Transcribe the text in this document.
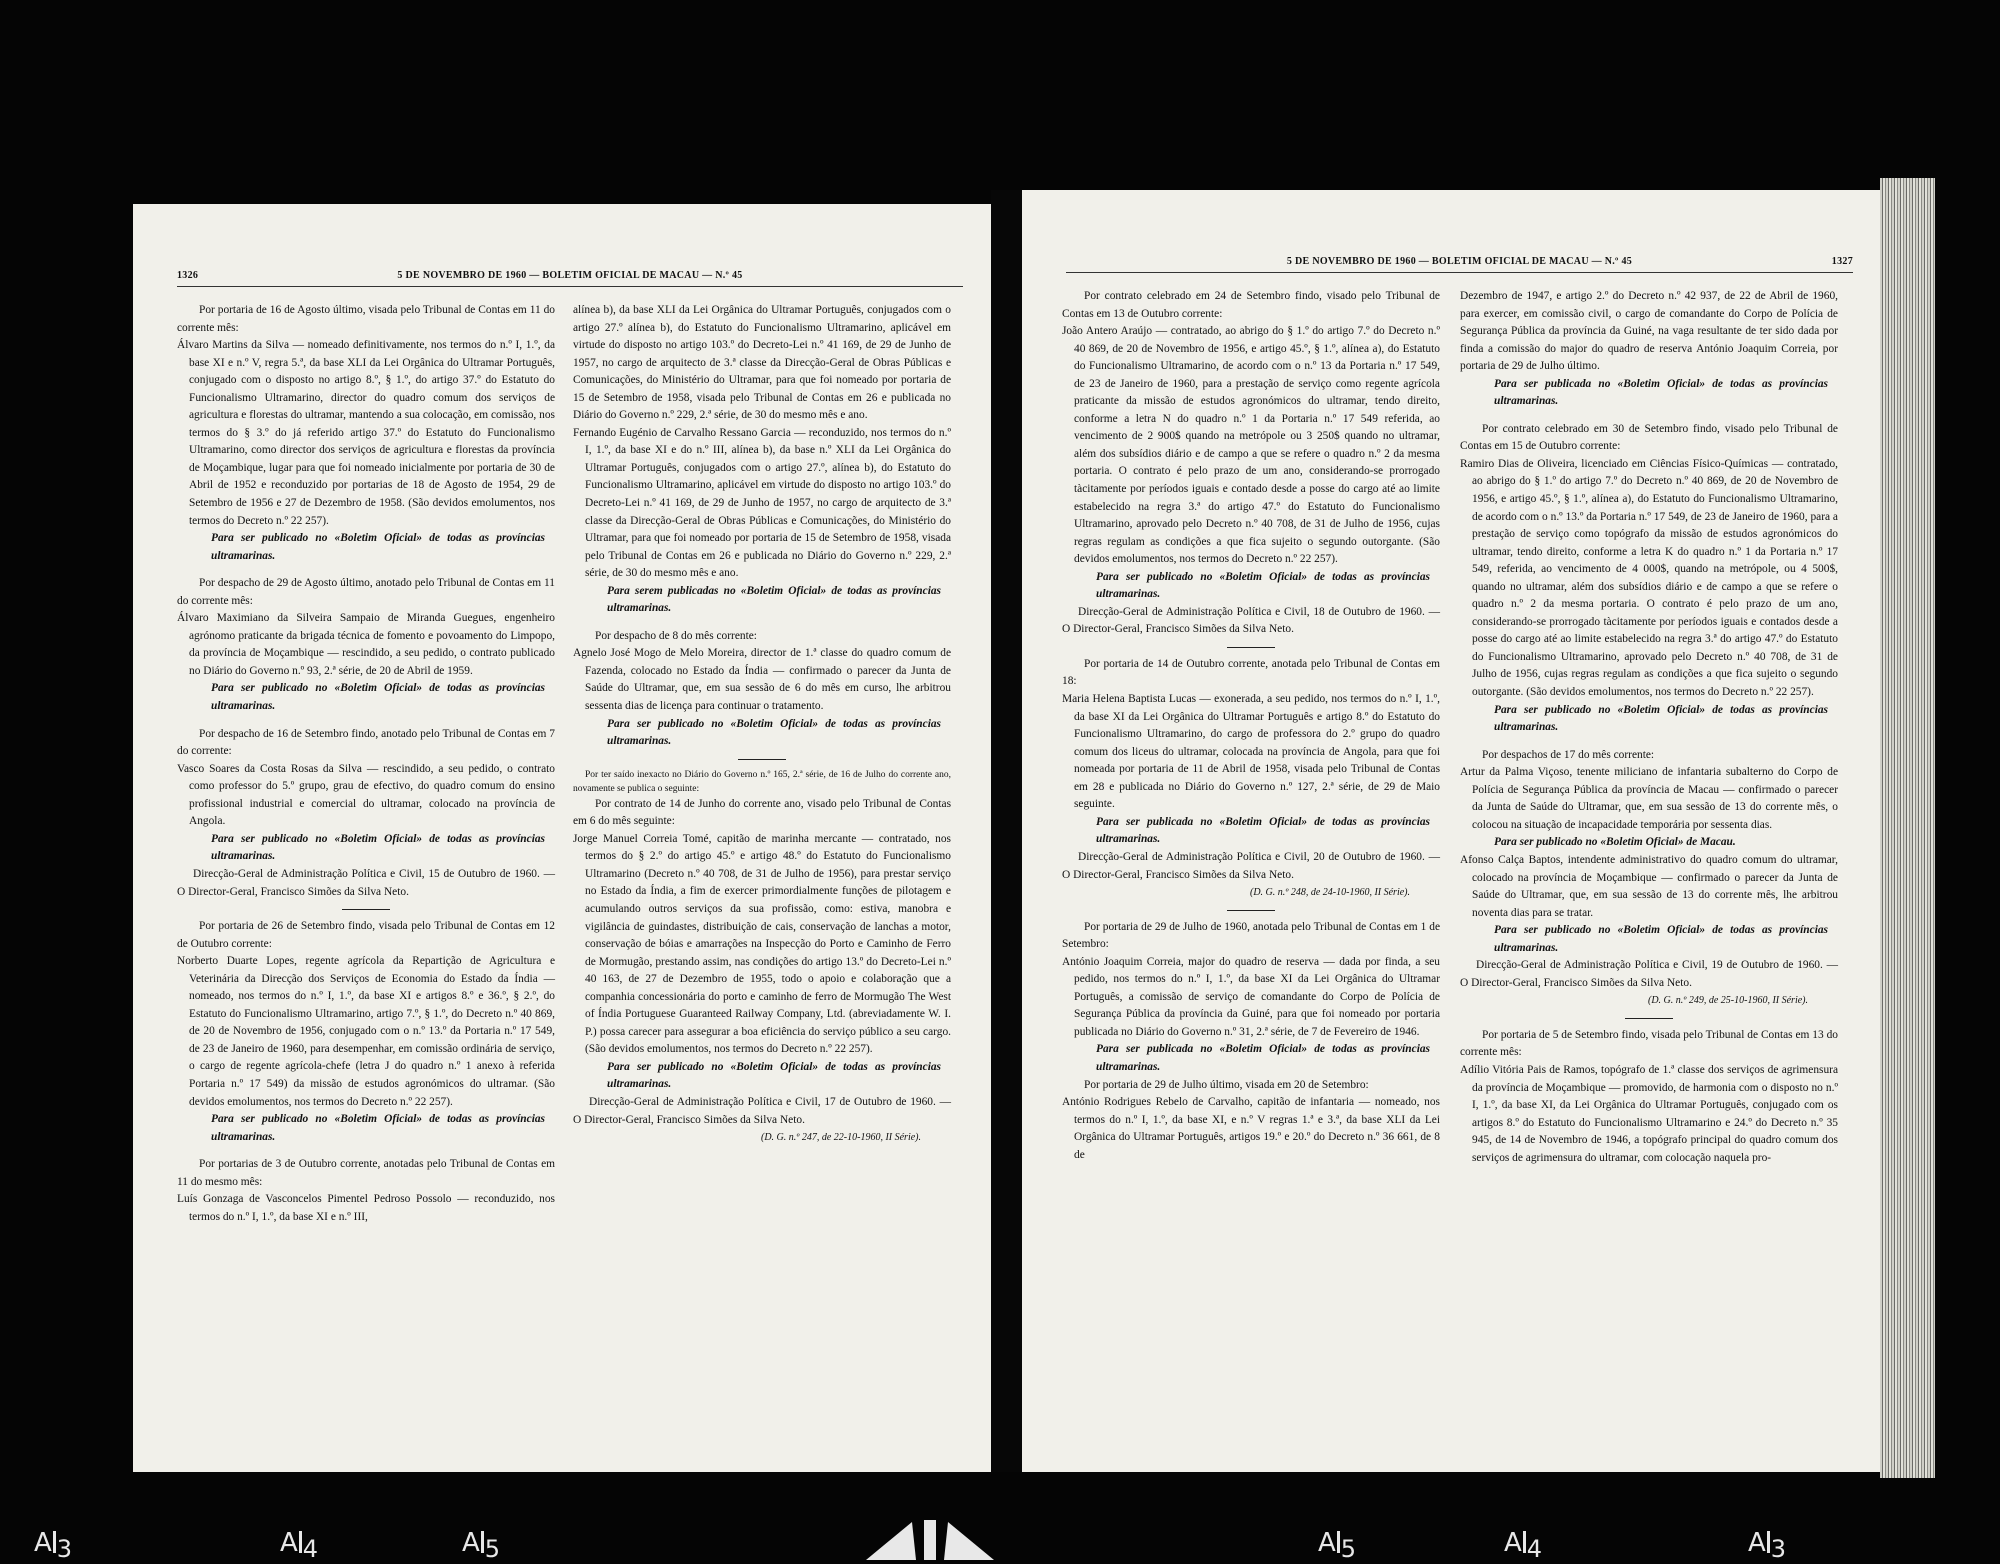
5 DE NOVEMBRO DE 1960 — BOLETIM OFICIAL DE MACAU — N.º 45
1326

Por portaria de 16 de Agosto último, visada pelo Tribunal de Contas em 11 do corrente mês:

Álvaro Martins da Silva — nomeado definitivamente, nos termos do n.º I, 1.º, da base XI e n.º V, regra 5.ª, da base XLI da Lei Orgânica do Ultramar Português, conjugado com o disposto no artigo 8.º, § 1.º, do artigo 37.º do Estatuto do Funcionalismo Ultramarino, director do quadro comum dos serviços de agricultura e florestas do ultramar, mantendo a sua colocação, em comissão, nos termos do § 3.º do já referido artigo 37.º do Estatuto do Funcionalismo Ultramarino, como director dos serviços de agricultura e florestas da província de Moçambique, lugar para que foi nomeado inicialmente por portaria de 30 de Abril de 1952 e reconduzido por portarias de 18 de Agosto de 1954, 29 de Setembro de 1956 e 27 de Dezembro de 1958. (São devidos emolumentos, nos termos do Decreto n.º 22 257).

Para ser publicado no «Boletim Oficial» de todas as províncias ultramarinas.

Por despacho de 29 de Agosto último, anotado pelo Tribunal de Contas em 11 do corrente mês:

Álvaro Maximiano da Silveira Sampaio de Miranda Guegues, engenheiro agrónomo praticante da brigada técnica de fomento e povoamento do Limpopo, da província de Moçambique — rescindido, a seu pedido, o contrato publicado no Diário do Governo n.º 93, 2.ª série, de 20 de Abril de 1959.

Para ser publicado no «Boletim Oficial» de todas as províncias ultramarinas.

Por despacho de 16 de Setembro findo, anotado pelo Tribunal de Contas em 7 do corrente:

Vasco Soares da Costa Rosas da Silva — rescindido, a seu pedido, o contrato como professor do 5.º grupo, grau de efectivo, do quadro comum do ensino profissional industrial e comercial do ultramar, colocado na província de Angola.

Para ser publicado no «Boletim Oficial» de todas as províncias ultramarinas.

Direcção-Geral de Administração Política e Civil, 15 de Outubro de 1960. — O Director-Geral, Francisco Simões da Silva Neto.

Por portaria de 26 de Setembro findo, visada pelo Tribunal de Contas em 12 de Outubro corrente:

Norberto Duarte Lopes, regente agrícola da Repartição de Agricultura e Veterinária da Direcção dos Serviços de Economia do Estado da Índia — nomeado, nos termos do n.º I, 1.º, da base XI e artigos 8.º e 36.º, § 2.º, do Estatuto do Funcionalismo Ultramarino, artigo 7.º, § 1.º, do Decreto n.º 40 869, de 20 de Novembro de 1956, conjugado com o n.º 13.º da Portaria n.º 17 549, de 23 de Janeiro de 1960, para desempenhar, em comissão ordinária de serviço, o cargo de regente agrícola-chefe (letra J do quadro n.º 1 anexo à referida Portaria n.º 17 549) da missão de estudos agronómicos do ultramar. (São devidos emolumentos, nos termos do Decreto n.º 22 257).

Para ser publicado no «Boletim Oficial» de todas as províncias ultramarinas.

Por portarias de 3 de Outubro corrente, anotadas pelo Tribunal de Contas em 11 do mesmo mês:

Luís Gonzaga de Vasconcelos Pimentel Pedroso Possolo — reconduzido, nos termos do n.º I, 1.º, da base XI e n.º III,

alínea b), da base XLI da Lei Orgânica do Ultramar Português, conjugados com o artigo 27.º alínea b), do Estatuto do Funcionalismo Ultramarino, aplicável em virtude do disposto no artigo 103.º do Decreto-Lei n.º 41 169, de 29 de Junho de 1957, no cargo de arquitecto de 3.ª classe da Direcção-Geral de Obras Públicas e Comunicações, do Ministério do Ultramar, para que foi nomeado por portaria de 15 de Setembro de 1958, visada pelo Tribunal de Contas em 26 e publicada no Diário do Governo n.º 229, 2.ª série, de 30 do mesmo mês e ano.

Fernando Eugénio de Carvalho Ressano Garcia — reconduzido, nos termos do n.º I, 1.º, da base XI e do n.º III, alínea b), da base n.º XLI da Lei Orgânica do Ultramar Português, conjugados com o artigo 27.º, alínea b), do Estatuto do Funcionalismo Ultramarino, aplicável em virtude do disposto no artigo 103.º do Decreto-Lei n.º 41 169, de 29 de Junho de 1957, no cargo de arquitecto de 3.ª classe da Direcção-Geral de Obras Públicas e Comunicações, do Ministério do Ultramar, para que foi nomeado por portaria de 15 de Setembro de 1958, visada pelo Tribunal de Contas em 26 e publicada no Diário do Governo n.º 229, 2.ª série, de 30 do mesmo mês e ano.

Para serem publicadas no «Boletim Oficial» de todas as províncias ultramarinas.

Por despacho de 8 do mês corrente:

Agnelo José Mogo de Melo Moreira, director de 1.ª classe do quadro comum de Fazenda, colocado no Estado da Índia — confirmado o parecer da Junta de Saúde do Ultramar, que, em sua sessão de 6 do mês em curso, lhe arbitrou sessenta dias de licença para continuar o tratamento.

Para ser publicado no «Boletim Oficial» de todas as províncias ultramarinas.

Por ter saído inexacto no Diário do Governo n.º 165, 2.ª série, de 16 de Julho do corrente ano, novamente se publica o seguinte:

Por contrato de 14 de Junho do corrente ano, visado pelo Tribunal de Contas em 6 do mês seguinte:

Jorge Manuel Correia Tomé, capitão de marinha mercante — contratado, nos termos do § 2.º do artigo 45.º e artigo 48.º do Estatuto do Funcionalismo Ultramarino (Decreto n.º 40 708, de 31 de Julho de 1956), para prestar serviço no Estado da Índia, a fim de exercer primordialmente funções de pilotagem e acumulando outros serviços da sua profissão, como: estiva, manobra e vigilância de guindastes, distribuição de cais, conservação de lanchas a motor, conservação de bóias e amarrações na Inspecção do Porto e Caminho de Ferro de Mormugão, prestando assim, nas condições do artigo 13.º do Decreto-Lei n.º 40 163, de 27 de Dezembro de 1955, todo o apoio e colaboração que a companhia concessionária do porto e caminho de ferro de Mormugão The West of Índia Portuguese Guaranteed Railway Company, Ltd. (abreviadamente W. I. P.) possa carecer para assegurar a boa eficiência do serviço público a seu cargo. (São devidos emolumentos, nos termos do Decreto n.º 22 257).

Para ser publicado no «Boletim Oficial» de todas as províncias ultramarinas.

Direcção-Geral de Administração Política e Civil, 17 de Outubro de 1960. — O Director-Geral, Francisco Simões da Silva Neto.

(D. G. n.º 247, de 22-10-1960, II Série).

5 DE NOVEMBRO DE 1960 — BOLETIM OFICIAL DE MACAU — N.º 45	1327

Por contrato celebrado em 24 de Setembro findo, visado pelo Tribunal de Contas em 13 de Outubro corrente:

João Antero Araújo — contratado, ao abrigo do § 1.º do artigo 7.º do Decreto n.º 40 869, de 20 de Novembro de 1956, e artigo 45.º, § 1.º, alínea a), do Estatuto do Funcionalismo Ultramarino, de acordo com o n.º 13 da Portaria n.º 17 549, de 23 de Janeiro de 1960, para a prestação de serviço como regente agrícola praticante da missão de estudos agronómicos do ultramar, tendo direito, conforme a letra N do quadro n.º 1 da Portaria n.º 17 549 referida, ao vencimento de 2 900$ quando na metrópole ou 3 250$ quando no ultramar, além dos subsídios diário e de campo a que se refere o quadro n.º 2 da mesma portaria. O contrato é pelo prazo de um ano, considerando-se prorrogado tàcitamente por períodos iguais e contado desde a posse do cargo até ao limite estabelecido na regra 3.ª do artigo 47.º do Estatuto do Funcionalismo Ultramarino, aprovado pelo Decreto n.º 40 708, de 31 de Julho de 1956, cujas regras regulam as condições a que fica sujeito o segundo outorgante. (São devidos emolumentos, nos termos do Decreto n.º 22 257).

Para ser publicado no «Boletim Oficial» de todas as províncias ultramarinas.

Direcção-Geral de Administração Política e Civil, 18 de Outubro de 1960. — O Director-Geral, Francisco Simões da Silva Neto.

Por portaria de 14 de Outubro corrente, anotada pelo Tribunal de Contas em 18:

Maria Helena Baptista Lucas — exonerada, a seu pedido, nos termos do n.º I, 1.º, da base XI da Lei Orgânica do Ultramar Português e artigo 8.º do Estatuto do Funcionalismo Ultramarino, do cargo de professora do 2.º grupo do quadro comum dos liceus do ultramar, colocada na província de Angola, para que foi nomeada por portaria de 11 de Abril de 1958, visada pelo Tribunal de Contas em 28 e publicada no Diário do Governo n.º 127, 2.ª série, de 29 de Maio seguinte.

Para ser publicada no «Boletim Oficial» de todas as províncias ultramarinas.

Direcção-Geral de Administração Política e Civil, 20 de Outubro de 1960. — O Director-Geral, Francisco Simões da Silva Neto.

(D. G. n.º 248, de 24-10-1960, II Série).

Por portaria de 29 de Julho de 1960, anotada pelo Tribunal de Contas em 1 de Setembro:

António Joaquim Correia, major do quadro de reserva — dada por finda, a seu pedido, nos termos do n.º I, 1.º, da base XI da Lei Orgânica do Ultramar Português, a comissão de serviço de comandante do Corpo de Polícia de Segurança Pública da província da Guiné, para que foi nomeado por portaria publicada no Diário do Governo n.º 31, 2.ª série, de 7 de Fevereiro de 1946.

Para ser publicada no «Boletim Oficial» de todas as províncias ultramarinas.

Por portaria de 29 de Julho último, visada em 20 de Setembro:

António Rodrigues Rebelo de Carvalho, capitão de infantaria — nomeado, nos termos do n.º I, 1.º, da base XI, e n.º V regras 1.ª e 3.ª, da base XLI da Lei Orgânica do Ultramar Português, artigos 19.º e 20.º do Decreto n.º 36 661, de 8 de

Dezembro de 1947, e artigo 2.º do Decreto n.º 42 937, de 22 de Abril de 1960, para exercer, em comissão civil, o cargo de comandante do Corpo de Polícia de Segurança Pública da província da Guiné, na vaga resultante de ter sido dada por finda a comissão do major do quadro de reserva António Joaquim Correia, por portaria de 29 de Julho último.

Para ser publicada no «Boletim Oficial» de todas as províncias ultramarinas.

Por contrato celebrado em 30 de Setembro findo, visado pelo Tribunal de Contas em 15 de Outubro corrente:

Ramiro Dias de Oliveira, licenciado em Ciências Físico-Químicas — contratado, ao abrigo do § 1.º do artigo 7.º do Decreto n.º 40 869, de 20 de Novembro de 1956, e artigo 45.º, § 1.º, alínea a), do Estatuto do Funcionalismo Ultramarino, de acordo com o n.º 13.º da Portaria n.º 17 549, de 23 de Janeiro de 1960, para a prestação de serviço como topógrafo da missão de estudos agronómicos do ultramar, tendo direito, conforme a letra K do quadro n.º 1 da Portaria n.º 17 549, referida, ao vencimento de 4 000$, quando na metrópole, ou 4 500$, quando no ultramar, além dos subsídios diário e de campo a que se refere o quadro n.º 2 da mesma portaria. O contrato é pelo prazo de um ano, considerando-se prorrogado tàcitamente por períodos iguais e contados desde a posse do cargo até ao limite estabelecido na regra 3.ª do artigo 47.º do Estatuto do Funcionalismo Ultramarino, aprovado pelo Decreto n.º 40 708, de 31 de Julho de 1956, cujas regras regulam as condições a que fica sujeito o segundo outorgante. (São devidos emolumentos, nos termos do Decreto n.º 22 257).

Para ser publicado no «Boletim Oficial» de todas as províncias ultramarinas.

Por despachos de 17 do mês corrente:

Artur da Palma Viçoso, tenente miliciano de infantaria subalterno do Corpo de Polícia de Segurança Pública da província de Macau — confirmado o parecer da Junta de Saúde do Ultramar, que, em sua sessão de 13 do corrente mês, o colocou na situação de incapacidade temporária por sessenta dias.

Para ser publicado no «Boletim Oficial» de Macau.

Afonso Calça Baptos, intendente administrativo do quadro comum do ultramar, colocado na província de Moçambique — confirmado o parecer da Junta de Saúde do Ultramar, que, em sua sessão de 13 do corrente mês, lhe arbitrou noventa dias para se tratar.

Para ser publicado no «Boletim Oficial» de todas as províncias ultramarinas.

Direcção-Geral de Administração Política e Civil, 19 de Outubro de 1960. — O Director-Geral, Francisco Simões da Silva Neto.

(D. G. n.º 249, de 25-10-1960, II Série).

Por portaria de 5 de Setembro findo, visada pelo Tribunal de Contas em 13 do corrente mês:

Adílio Vitória Pais de Ramos, topógrafo de 1.ª classe dos serviços de agrimensura da província de Moçambique — promovido, de harmonia com o disposto no n.º I, 1.º, da base XI, da Lei Orgânica do Ultramar Português, conjugado com os artigos 8.º do Estatuto do Funcionalismo Ultramarino e 24.º do Decreto n.º 35 945, de 14 de Novembro de 1946, a topógrafo principal do quadro comum dos serviços de agrimensura do ultramar, com colocação naquela pro-

A $_3$	A $_4$	A $_5$	A $_5$	A $_4$	A $_3$
